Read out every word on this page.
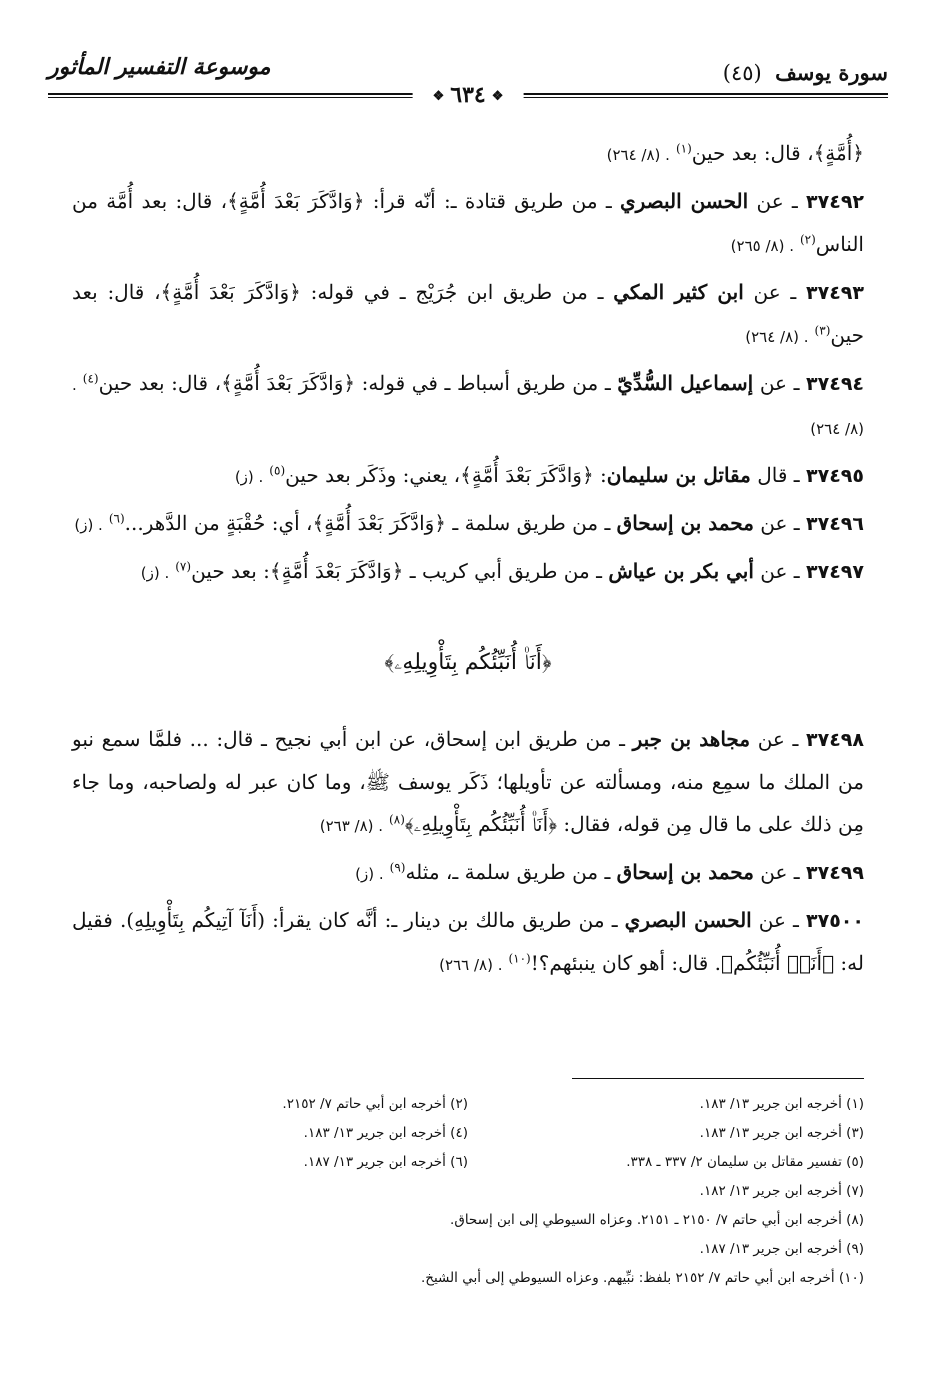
سورة يوسف (٤٥)
❖ ٦٣٤ ❖
موسوعة التفسير المأثور

﴿أُمَّةٍ﴾، قال: بعد حين$^{(١)}$. (٨/ ٢٦٤)

٣٧٤٩٢ ـ عن الحسن البصري ـ من طريق قتادة ـ: أنّه قرأ: ﴿وَادَّكَرَ بَعْدَ أُمَّةٍ﴾، قال: بعد أُمَّة من الناس$^{(٢)}$. (٨/ ٢٦٥)

٣٧٤٩٣ ـ عن ابن كثير المكي ـ من طريق ابن جُرَيْج ـ في قوله: ﴿وَادَّكَرَ بَعْدَ أُمَّةٍ﴾، قال: بعد حين$^{(٣)}$. (٨/ ٢٦٤)

٣٧٤٩٤ ـ عن إسماعيل السُّدِّيّ ـ من طريق أسباط ـ في قوله: ﴿وَادَّكَرَ بَعْدَ أُمَّةٍ﴾، قال: بعد حين$^{(٤)}$. (٨/ ٢٦٤)

٣٧٤٩٥ ـ قال مقاتل بن سليمان: ﴿وَادَّكَرَ بَعْدَ أُمَّةٍ﴾، يعني: وذَكَر بعد حين$^{(٥)}$. (ز)

٣٧٤٩٦ ـ عن محمد بن إسحاق ـ من طريق سلمة ـ ﴿وَادَّكَرَ بَعْدَ أُمَّةٍ﴾، أي: حُقْبَةٍ من الدَّهر...$^{(٦)}$. (ز)

٣٧٤٩٧ ـ عن أبي بكر بن عياش ـ من طريق أبي كريب ـ ﴿وَادَّكَرَ بَعْدَ أُمَّةٍ﴾: بعد حين$^{(٧)}$. (ز)

﴿أَنَا۠ أُنَبِّئُكُم بِتَأْوِيلِهِۦ﴾

٣٧٤٩٨ ـ عن مجاهد بن جبر ـ من طريق ابن إسحاق، عن ابن أبي نجيح ـ قال: ... فلمَّا سمع نبو من الملك ما سمِع منه، ومسألته عن تأويلها؛ ذَكَر يوسف ﷺ، وما كان عبر له ولصاحبه، وما جاء مِن ذلك على ما قال مِن قوله، فقال: ﴿أَنَا۠ أُنَبِّئُكُم بِتَأْوِيلِهِۦ﴾$^{(٨)}$. (٨/ ٢٦٣)

٣٧٤٩٩ ـ عن محمد بن إسحاق ـ من طريق سلمة ـ، مثله$^{(٩)}$. (ز)

٣٧٥٠٠ ـ عن الحسن البصري ـ من طريق مالك بن دينار ـ: أنَّه كان يقرأ: (أَنَآ آتِيكُم بِتَأْوِيلِهِ). فقيل له: ﴿أَنَا۠ أُنَبِّئُكُم﴾. قال: أهو كان ينبئهم؟!$^{(١٠)}$. (٨/ ٢٦٦)

(١) أخرجه ابن جرير ١٣/ ١٨٣.
(٢) أخرجه ابن أبي حاتم ٧/ ٢١٥٢.
(٣) أخرجه ابن جرير ١٣/ ١٨٣.
(٤) أخرجه ابن جرير ١٣/ ١٨٣.
(٥) تفسير مقاتل بن سليمان ٢/ ٣٣٧ ـ ٣٣٨.
(٦) أخرجه ابن جرير ١٣/ ١٨٧.
(٧) أخرجه ابن جرير ١٣/ ١٨٢.
(٨) أخرجه ابن أبي حاتم ٧/ ٢١٥٠ ـ ٢١٥١. وعزاه السيوطي إلى ابن إسحاق.
(٩) أخرجه ابن جرير ١٣/ ١٨٧.
(١٠) أخرجه ابن أبي حاتم ٧/ ٢١٥٢ بلفظ: نبِّيهم. وعزاه السيوطي إلى أبي الشيخ.
